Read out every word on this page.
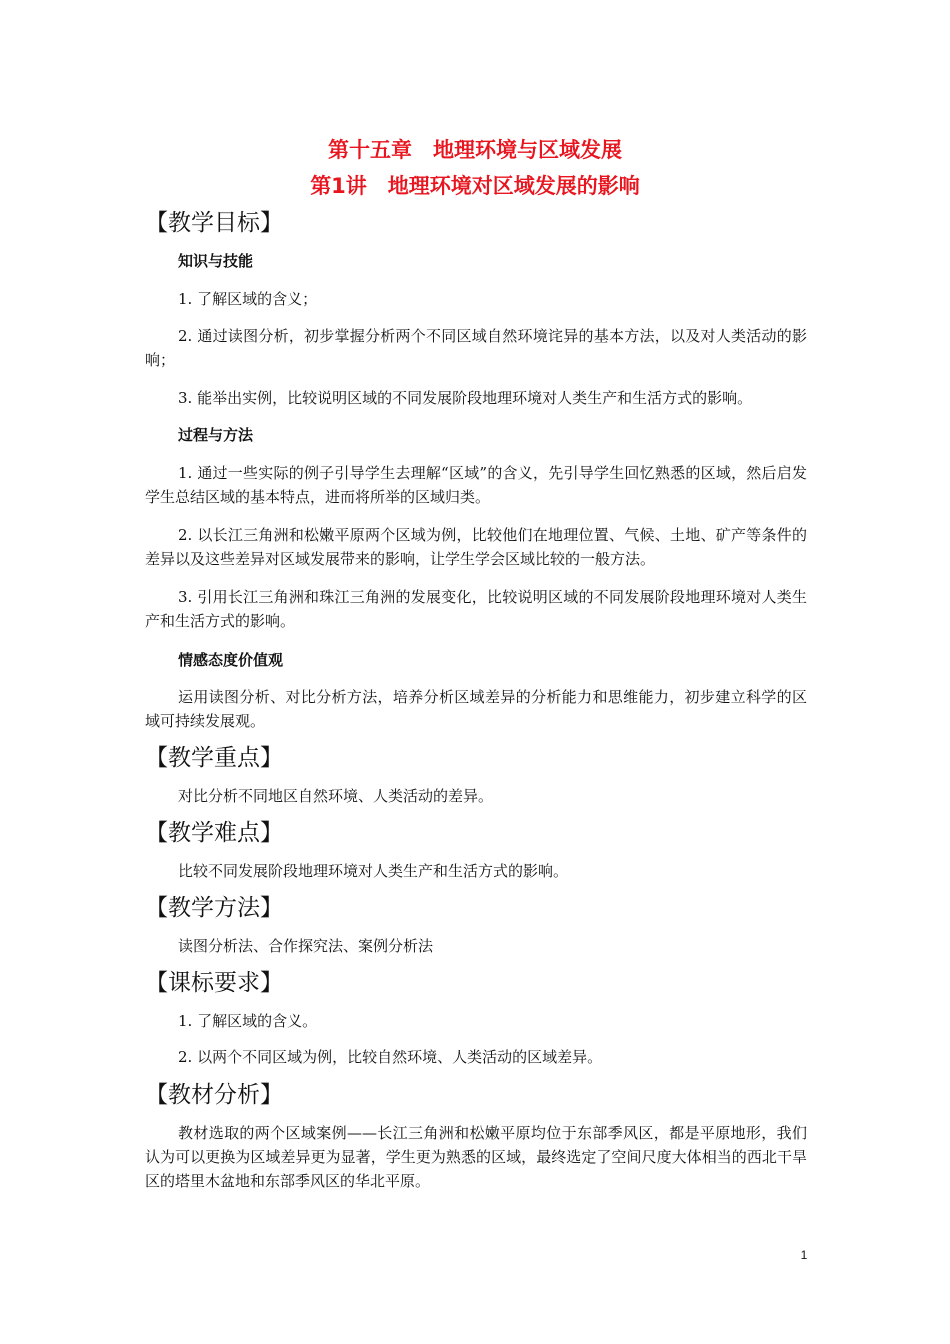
第十五章　地理环境与区域发展
第1讲　地理环境对区域发展的影响
【教学目标】
知识与技能
1. 了解区域的含义；
2. 通过读图分析，初步掌握分析两个不同区域自然环境诧异的基本方法，以及对人类活动的影响；
3. 能举出实例，比较说明区域的不同发展阶段地理环境对人类生产和生活方式的影响。
过程与方法
1. 通过一些实际的例子引导学生去理解“区域”的含义，先引导学生回忆熟悉的区域，然后启发学生总结区域的基本特点，进而将所举的区域归类。
2. 以长江三角洲和松嫩平原两个区域为例，比较他们在地理位置、气候、土地、矿产等条件的差异以及这些差异对区域发展带来的影响，让学生学会区域比较的一般方法。
3. 引用长江三角洲和珠江三角洲的发展变化，比较说明区域的不同发展阶段地理环境对人类生产和生活方式的影响。
情感态度价值观
运用读图分析、对比分析方法，培养分析区域差异的分析能力和思维能力，初步建立科学的区域可持续发展观。
【教学重点】
对比分析不同地区自然环境、人类活动的差异。
【教学难点】
比较不同发展阶段地理环境对人类生产和生活方式的影响。
【教学方法】
读图分析法、合作探究法、案例分析法
【课标要求】
1. 了解区域的含义。
2. 以两个不同区域为例，比较自然环境、人类活动的区域差异。
【教材分析】
教材选取的两个区域案例——长江三角洲和松嫩平原均位于东部季风区，都是平原地形，我们认为可以更换为区域差异更为显著，学生更为熟悉的区域，最终选定了空间尺度大体相当的西北干旱区的塔里木盆地和东部季风区的华北平原。
1
